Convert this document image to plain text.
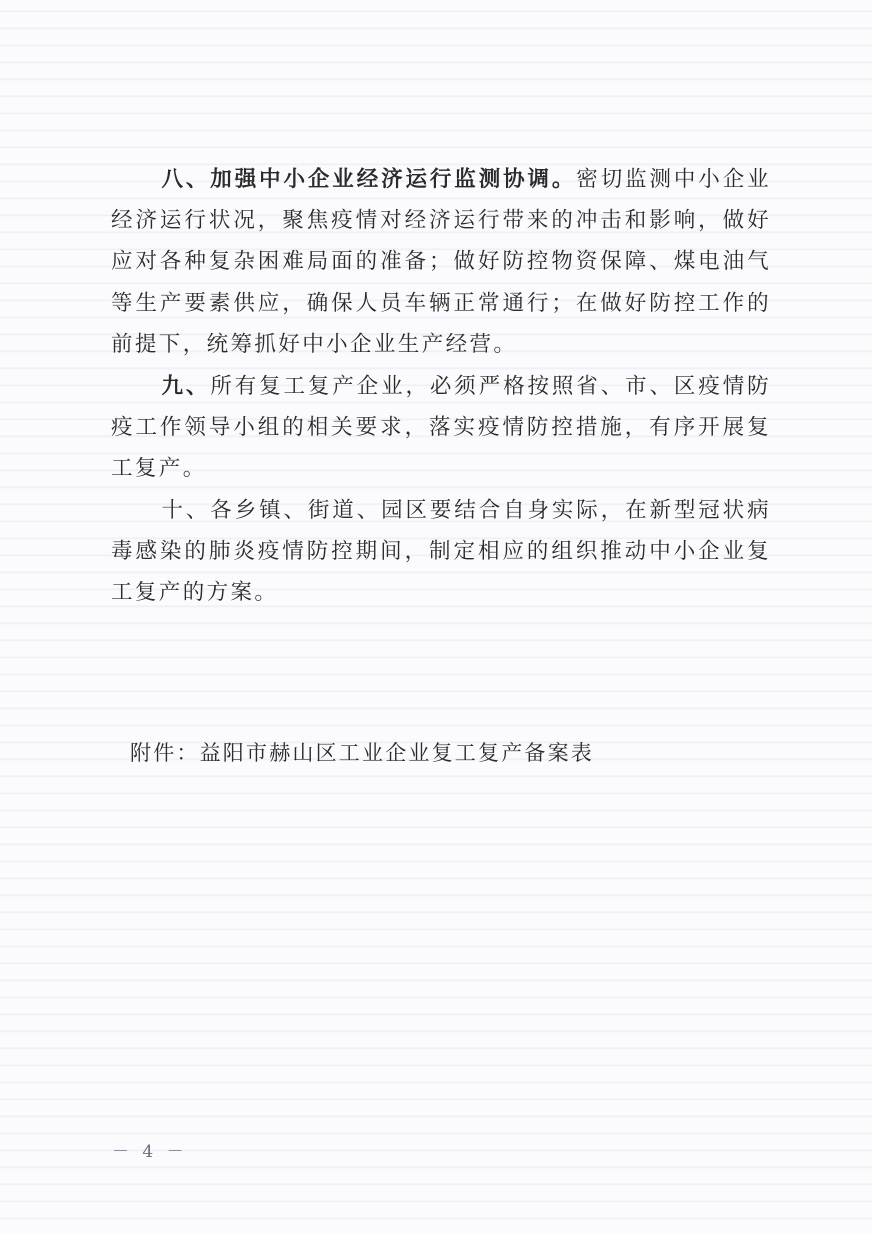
八、加强中小企业经济运行监测协调。密切监测中小企业经济运行状况，聚焦疫情对经济运行带来的冲击和影响，做好应对各种复杂困难局面的准备；做好防控物资保障、煤电油气等生产要素供应，确保人员车辆正常通行；在做好防控工作的前提下，统筹抓好中小企业生产经营。

九、所有复工复产企业，必须严格按照省、市、区疫情防疫工作领导小组的相关要求，落实疫情防控措施，有序开展复工复产。

十、各乡镇、街道、园区要结合自身实际，在新型冠状病毒感染的肺炎疫情防控期间，制定相应的组织推动中小企业复工复产的方案。

附件：益阳市赫山区工业企业复工复产备案表

－ 4 －
